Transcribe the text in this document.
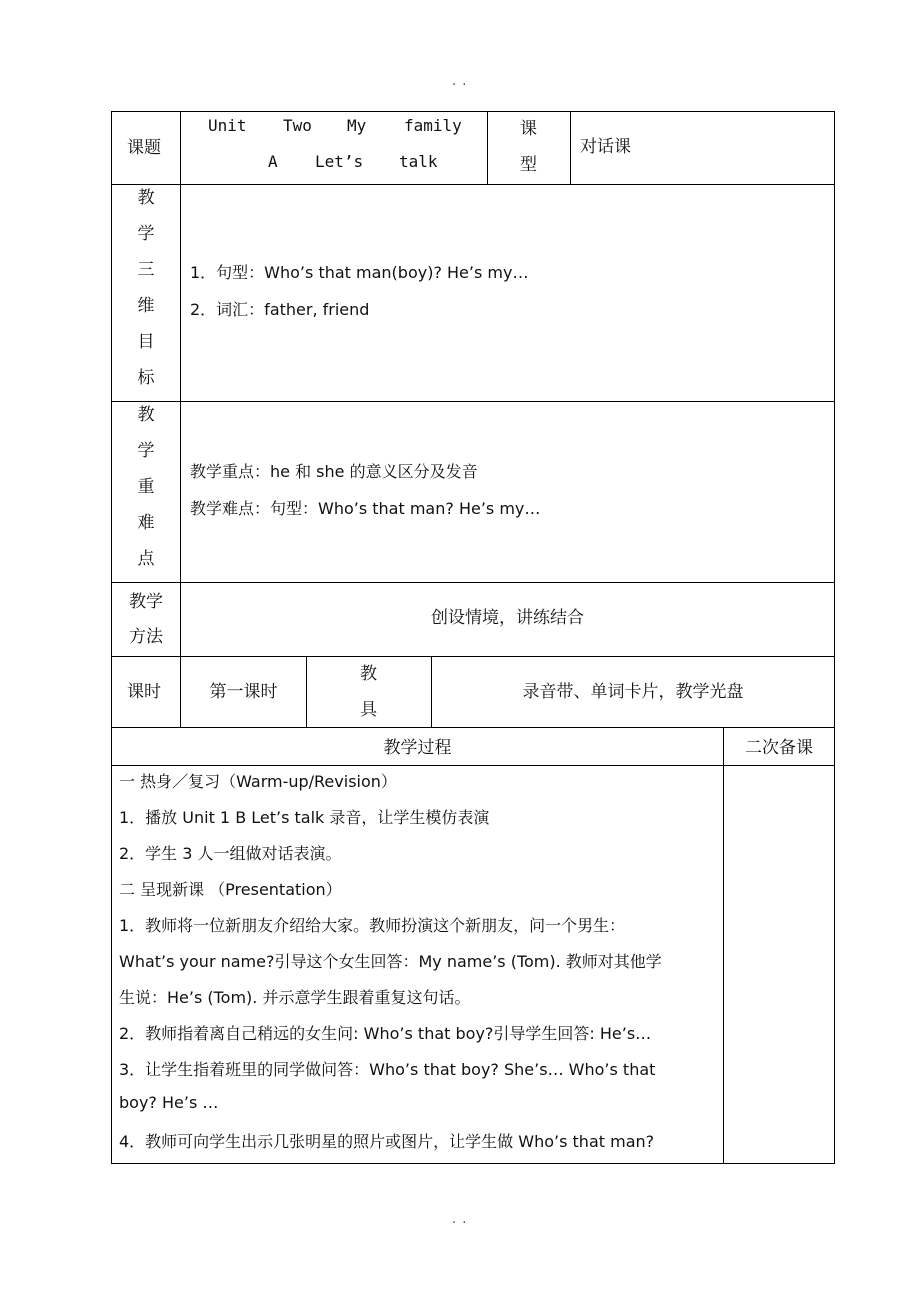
. .
. .
课题
Unit Two My family
A Let’s talk
课
型
对话课
教
学
三
维
目
标
1．句型：Who’s that man(boy)? He’s my…
2．词汇：father, friend
教
学
重
难
点
教学重点：he 和 she 的意义区分及发音
教学难点：句型：Who’s that man? He’s my…
教学
方法
创设情境，讲练结合
课时	第一课时
教
具
录音带、单词卡片，教学光盘
教学过程	二次备课
一 热身／复习（Warm-up/Revision）
1．播放 Unit 1 B Let’s talk 录音，让学生模仿表演
2．学生 3 人一组做对话表演。
二 呈现新课 （Presentation）
1．教师将一位新朋友介绍给大家。教师扮演这个新朋友，问一个男生：
What’s your name?引导这个女生回答：My name’s (Tom). 教师对其他学
生说：He’s (Tom). 并示意学生跟着重复这句话。
2．教师指着离自己稍远的女生问: Who’s that boy?引导学生回答: He’s…
3．让学生指着班里的同学做问答：Who’s that boy? She’s… Who’s that
boy? He’s …
4．教师可向学生出示几张明星的照片或图片，让学生做 Who’s that man?
